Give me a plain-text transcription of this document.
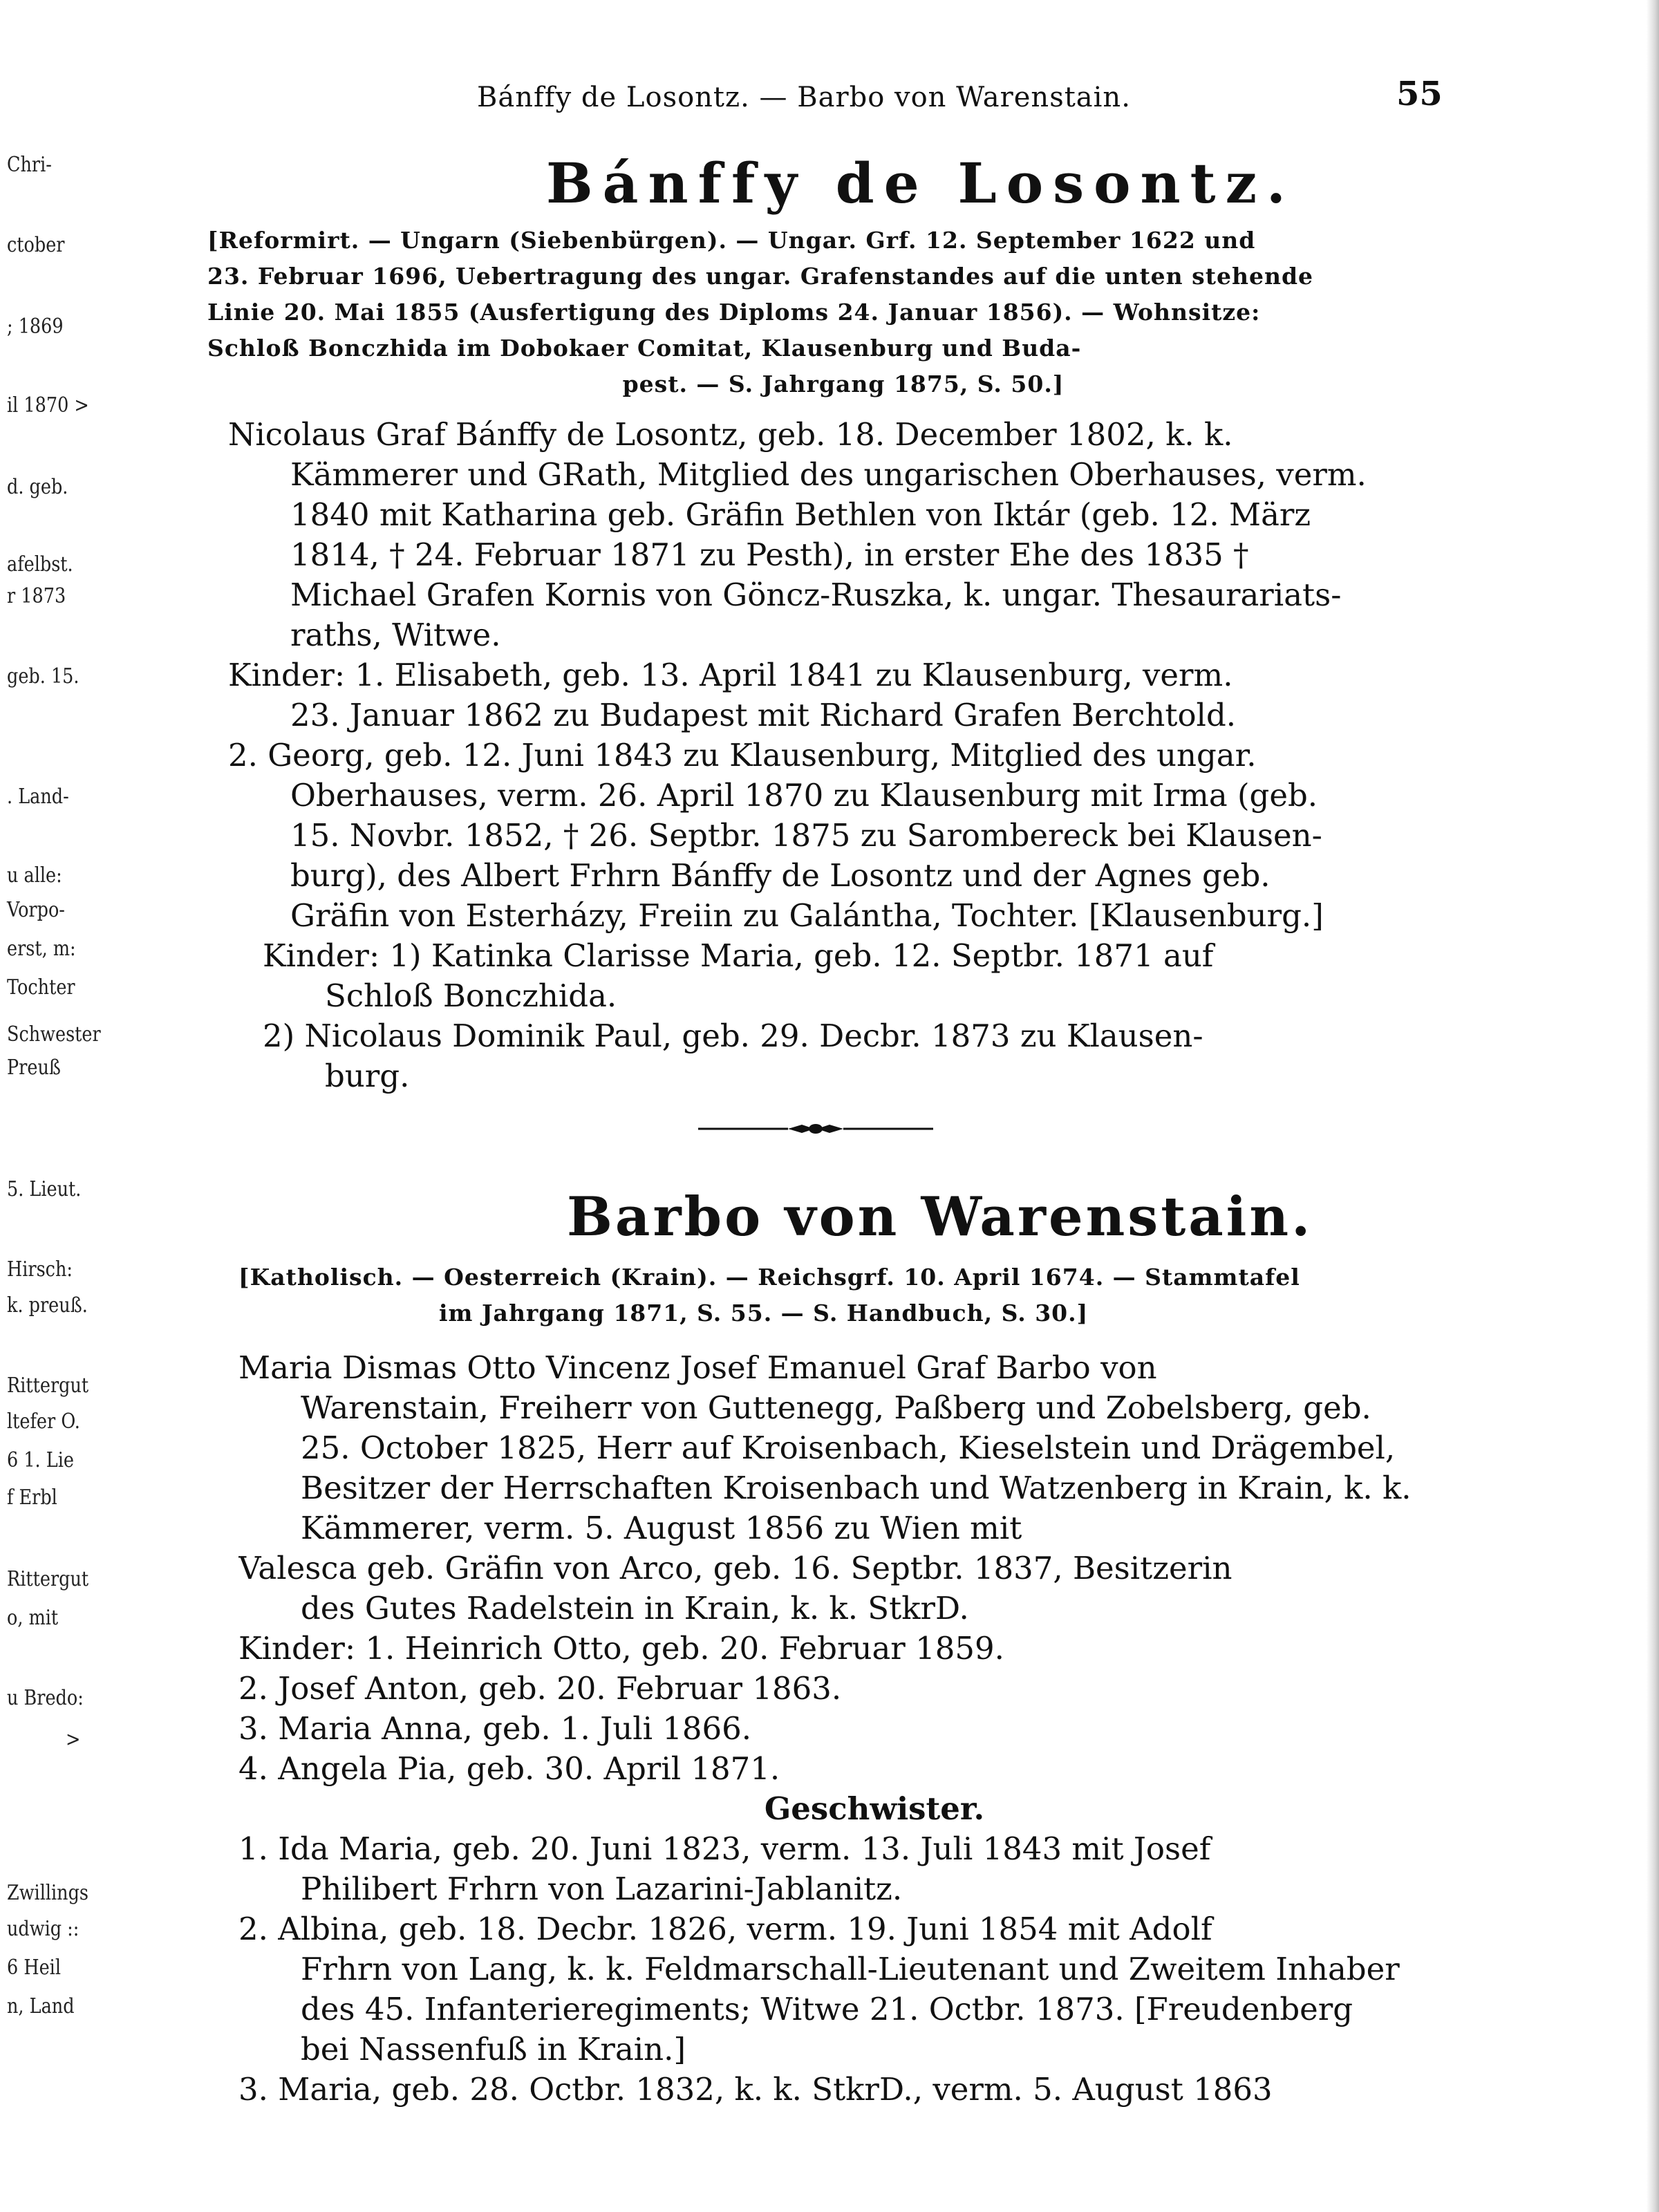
Chri-
ctober
; 1869
il 1870 >
d. geb.
afelbst.
r 1873
geb. 15.
. Land-
u alle:
Vorpo-
erst, m:
Tochter
Schwester
Preuß
5. Lieut.
Hirsch:
k. preuß.
Rittergut
ltefer O.
6 1. Lie
f Erbl
Rittergut
o, mit
u Bredo:
>
Zwillings
udwig ::
6 Heil
n, Land
Bánffy de Losontz. — Barbo von Warenstain.	55
Bánffy de Losontz.
[Reformirt. — Ungarn (Siebenbürgen). — Ungar. Grf. 12. September 1622 und
23. Februar 1696, Uebertragung des ungar. Grafenstandes auf die unten stehende
Linie 20. Mai 1855 (Ausfertigung des Diploms 24. Januar 1856). — Wohnsitze:
Schloß Bonczhida im Dobokaer Comitat, Klausenburg und Buda-
pest. — S. Jahrgang 1875, S. 50.]
Nicolaus Graf Bánffy de Losontz, geb. 18. December 1802, k. k.
Kämmerer und GRath, Mitglied des ungarischen Oberhauses, verm.
1840 mit Katharina geb. Gräfin Bethlen von Iktár (geb. 12. März
1814, † 24. Februar 1871 zu Pesth), in erster Ehe des 1835 †
Michael Grafen Kornis von Göncz-Ruszka, k. ungar. Thesaurariats-
raths, Witwe.
Kinder: 1. Elisabeth, geb. 13. April 1841 zu Klausenburg, verm.
23. Januar 1862 zu Budapest mit Richard Grafen Berchtold.
2. Georg, geb. 12. Juni 1843 zu Klausenburg, Mitglied des ungar.
Oberhauses, verm. 26. April 1870 zu Klausenburg mit Irma (geb.
15. Novbr. 1852, † 26. Septbr. 1875 zu Sarombereck bei Klausen-
burg), des Albert Frhrn Bánffy de Losontz und der Agnes geb.
Gräfin von Esterházy, Freiin zu Galántha, Tochter. [Klausenburg.]
Kinder: 1) Katinka Clarisse Maria, geb. 12. Septbr. 1871 auf
Schloß Bonczhida.
2) Nicolaus Dominik Paul, geb. 29. Decbr. 1873 zu Klausen-
burg.
Barbo von Warenstain.
[Katholisch. — Oesterreich (Krain). — Reichsgrf. 10. April 1674. — Stammtafel
im Jahrgang 1871, S. 55. — S. Handbuch, S. 30.]
Maria Dismas Otto Vincenz Josef Emanuel Graf Barbo von
Warenstain, Freiherr von Guttenegg, Paßberg und Zobelsberg, geb.
25. October 1825, Herr auf Kroisenbach, Kieselstein und Drägembel,
Besitzer der Herrschaften Kroisenbach und Watzenberg in Krain, k. k.
Kämmerer, verm. 5. August 1856 zu Wien mit
Valesca geb. Gräfin von Arco, geb. 16. Septbr. 1837, Besitzerin
des Gutes Radelstein in Krain, k. k. StkrD.
Kinder: 1. Heinrich Otto, geb. 20. Februar 1859.
2. Josef Anton, geb. 20. Februar 1863.
3. Maria Anna, geb. 1. Juli 1866.
4. Angela Pia, geb. 30. April 1871.
Geschwister.
1. Ida Maria, geb. 20. Juni 1823, verm. 13. Juli 1843 mit Josef
Philibert Frhrn von Lazarini-Jablanitz.
2. Albina, geb. 18. Decbr. 1826, verm. 19. Juni 1854 mit Adolf
Frhrn von Lang, k. k. Feldmarschall-Lieutenant und Zweitem Inhaber
des 45. Infanterieregiments; Witwe 21. Octbr. 1873. [Freudenberg
bei Nassenfuß in Krain.]
3. Maria, geb. 28. Octbr. 1832, k. k. StkrD., verm. 5. August 1863
